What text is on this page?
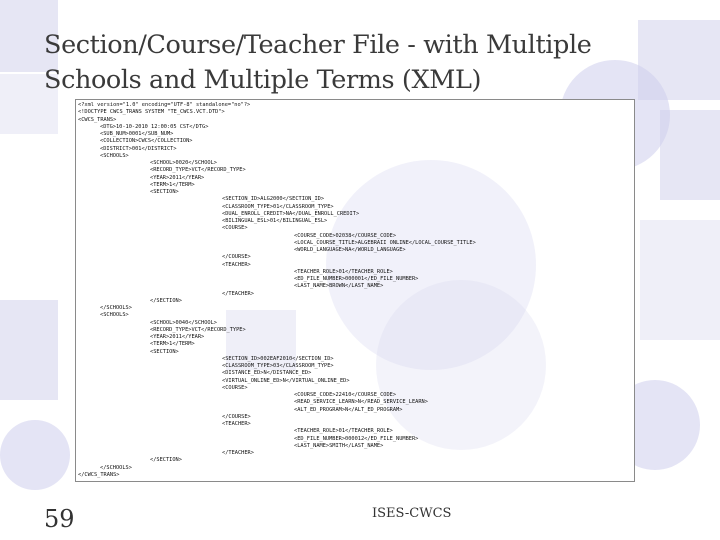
Section/Course/Teacher File - with Multiple
Schools and Multiple Terms (XML)
<?xml version="1.0" encoding="UTF-8" standalone="no"?>
<!DOCTYPE CWCS_TRANS SYSTEM "TE_CWCS.VCT.DTD">
<CWCS_TRANS>
<DTG>10-10-2010 12:00:05 CST</DTG>
<SUB_NUM>0001</SUB_NUM>
<COLLECTION>CWCS</COLLECTION>
<DISTRICT>001</DISTRICT>
<SCHOOLS>
<SCHOOL>0020</SCHOOL>
<RECORD_TYPE>VCT</RECORD_TYPE>
<YEAR>2011</YEAR>
<TERM>1</TERM>
<SECTION>
<SECTION_ID>ALG2000</SECTION_ID>
<CLASSROOM_TYPE>01</CLASSROOM_TYPE>
<DUAL_ENROLL_CREDIT>NA</DUAL_ENROLL_CREDIT>
<BILINGUAL_ESL>01</BILINGUAL_ESL>
<COURSE>
<COURSE_CODE>02038</COURSE_CODE>
<LOCAL_COURSE_TITLE>ALGEBRAII ONLINE</LOCAL_COURSE_TITLE>
<WORLD_LANGUAGE>NA</WORLD_LANGUAGE>
</COURSE>
<TEACHER>
<TEACHER_ROLE>01</TEACHER_ROLE>
<ED_FILE_NUMBER>000001</ED_FILE_NUMBER>
<LAST_NAME>BROWN</LAST_NAME>
</TEACHER>
</SECTION>
</SCHOOLS>
<SCHOOLS>
<SCHOOL>0040</SCHOOL>
<RECORD_TYPE>VCT</RECORD_TYPE>
<YEAR>2011</YEAR>
<TERM>1</TERM>
<SECTION>
<SECTION_ID>002EAF2010</SECTION_ID>
<CLASSROOM_TYPE>03</CLASSROOM_TYPE>
<DISTANCE_ED>N</DISTANCE_ED>
<VIRTUAL_ONLINE_ED>N</VIRTUAL_ONLINE_ED>
<COURSE>
<COURSE_CODE>22410</COURSE_CODE>
<READ_SERVICE_LEARN>N</READ_SERVICE_LEARN>
<ALT_ED_PROGRAM>N</ALT_ED_PROGRAM>
</COURSE>
<TEACHER>
<TEACHER_ROLE>01</TEACHER_ROLE>
<ED_FILE_NUMBER>000012</ED_FILE_NUMBER>
<LAST_NAME>SMITH</LAST_NAME>
</TEACHER>
</SECTION>
</SCHOOLS>
</CWCS_TRANS>
59	ISES-CWCS
